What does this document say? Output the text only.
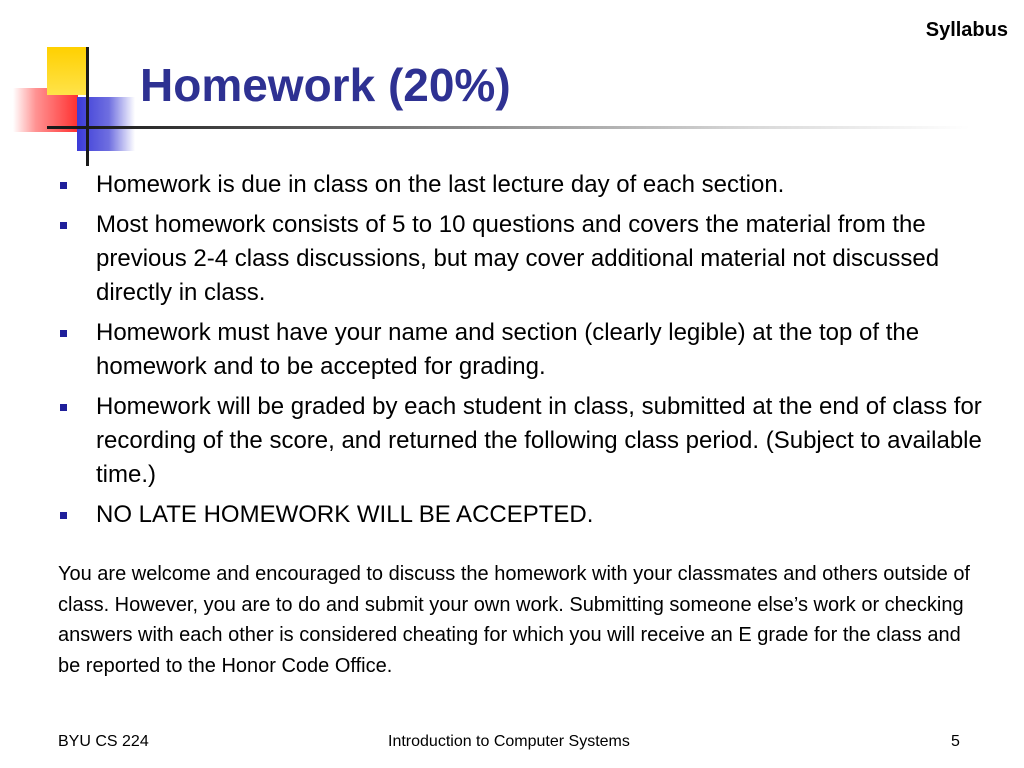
Syllabus
Homework (20%)
Homework is due in class on the last lecture day of each section.
Most homework consists of 5 to 10 questions and covers the material from the previous 2-4 class discussions, but may cover additional material not discussed directly in class.
Homework must have your name and section (clearly legible) at the top of the homework and to be accepted for grading.
Homework will be graded by each student in class, submitted at the end of class for recording of the score, and returned the following class period. (Subject to available time.)
NO LATE HOMEWORK WILL BE ACCEPTED.

You are welcome and encouraged to discuss the homework with your classmates and others outside of class. However, you are to do and submit your own work. Submitting someone else’s work or checking answers with each other is considered cheating for which you will receive an E grade for the class and be reported to the Honor Code Office.

BYU CS 224	Introduction to Computer Systems	5
